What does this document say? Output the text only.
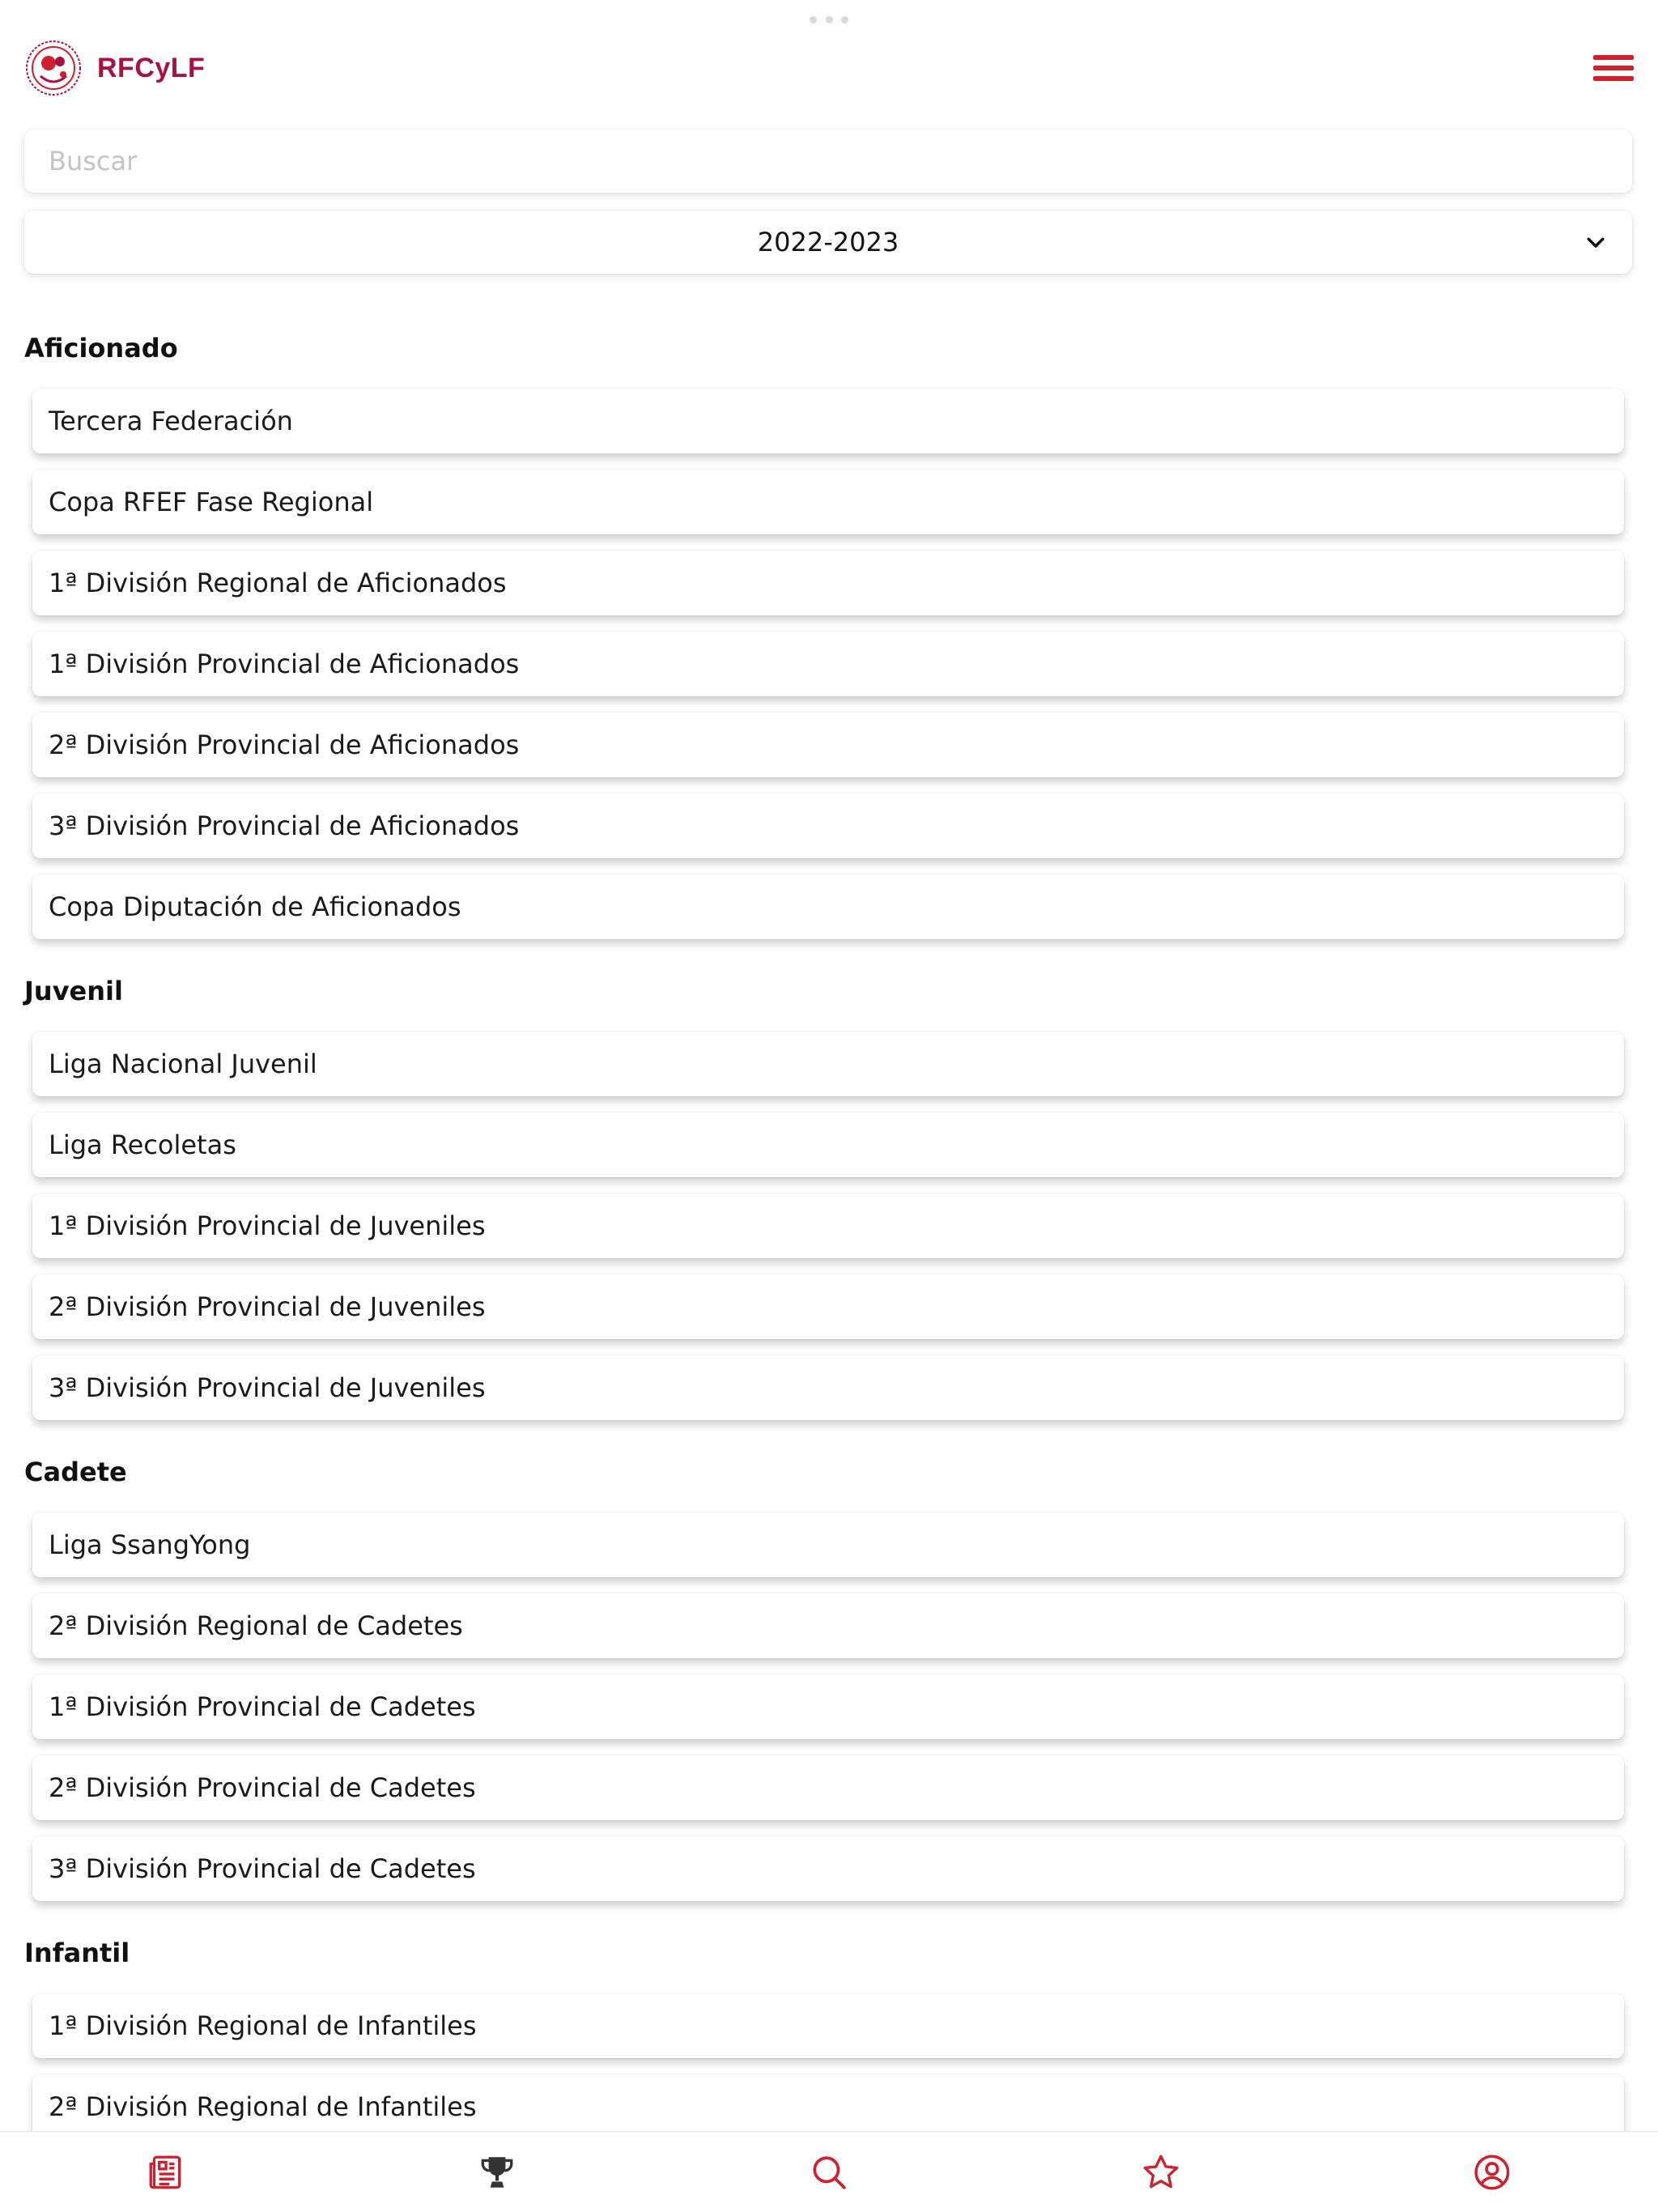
RFCyLF
Buscar
2022-2023
Aficionado
Tercera Federación
Copa RFEF Fase Regional
1ª División Regional de Aficionados
1ª División Provincial de Aficionados
2ª División Provincial de Aficionados
3ª División Provincial de Aficionados
Copa Diputación de Aficionados
Juvenil
Liga Nacional Juvenil
Liga Recoletas
1ª División Provincial de Juveniles
2ª División Provincial de Juveniles
3ª División Provincial de Juveniles
Cadete
Liga SsangYong
2ª División Regional de Cadetes
1ª División Provincial de Cadetes
2ª División Provincial de Cadetes
3ª División Provincial de Cadetes
Infantil
1ª División Regional de Infantiles
2ª División Regional de Infantiles
